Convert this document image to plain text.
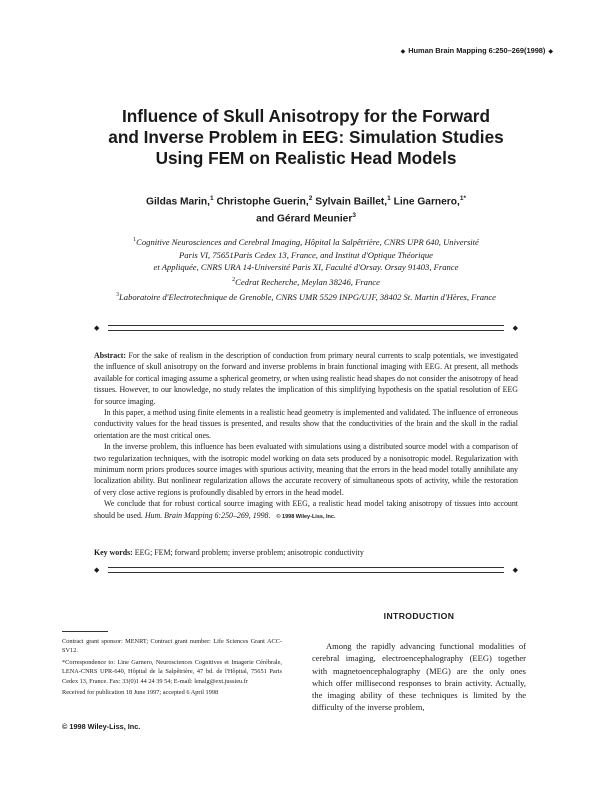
◆ Human Brain Mapping 6:250–269(1998) ◆
Influence of Skull Anisotropy for the Forward
and Inverse Problem in EEG: Simulation Studies
Using FEM on Realistic Head Models
Gildas Marin,$^1$ Christophe Guerin,$^2$ Sylvain Baillet,$^1$ Line Garnero,$^{1*}$
and Gérard Meunier$^3$
$^1$Cognitive Neurosciences and Cerebral Imaging, Hôpital la Salpêtrière, CNRS UPR 640, Université
Paris VI, 75651Paris Cedex 13, France, and Institut d'Optique Théorique
et Appliquée, CNRS URA 14-Université Paris XI, Faculté d'Orsay. Orsay 91403, France
$^2$Cedrat Recherche, Meylan 38246, France
$^3$Laboratoire d'Electrotechnique de Grenoble, CNRS UMR 5529 INPG/UJF, 38402 St. Martin d'Hères, France
◆	◆

Abstract: For the sake of realism in the description of conduction from primary neural currents to scalp potentials, we investigated the influence of skull anisotropy on the forward and inverse problems in brain functional imaging with EEG. At present, all methods available for cortical imaging assume a spherical geometry, or when using realistic head shapes do not consider the anisotropy of head tissues. However, to our knowledge, no study relates the implication of this simplifying hypothesis on the spatial resolution of EEG for source imaging.

In this paper, a method using finite elements in a realistic head geometry is implemented and validated. The influence of erroneous conductivity values for the head tissues is presented, and results show that the conductivities of the brain and the skull in the radial orientation are the most critical ones.

In the inverse problem, this influence has been evaluated with simulations using a distributed source model with a comparison of two regularization techniques, with the isotropic model working on data sets produced by a nonisotropic model. Regularization with minimum norm priors produces source images with spurious activity, meaning that the errors in the head model totally annihilate any localization ability. But nonlinear regularization allows the accurate recovery of simultaneous spots of activity, while the restoration of very close active regions is profoundly disabled by errors in the head model.

We conclude that for robust cortical source imaging with EEG, a realistic head model taking anisotropy of tissues into account should be used. Hum. Brain Mapping 6:250–269, 1998. © 1998 Wiley-Liss, Inc.

Key words: EEG; FEM; forward problem; inverse problem; anisotropic conductivity
◆	◆
INTRODUCTION

Contract grant sponsor: MENRT; Contract grant number: Life Sciences Grant ACC-SV12.

*Correspondence to: Line Garnero, Neurosciences Cognitives et Imagerie Cérébrale, LENA-CNRS UPR-640, Hôpital de la Salpêtrière, 47 bd. de l'Hôpital, 75651 Paris Cedex 13, France. Fax: 33(0)1 44 24 39 54; E-mail: lenalg@ext.jussieu.fr

Received for publication 18 June 1997; accepted 6 April 1998

Among the rapidly advancing functional modalities of cerebral imaging, electroencephalography (EEG) together with magnetoencephalography (MEG) are the only ones which offer millisecond responses to brain activity. Actually, the imaging ability of these techniques is limited by the difficulty of the inverse problem,

© 1998 Wiley-Liss, Inc.
